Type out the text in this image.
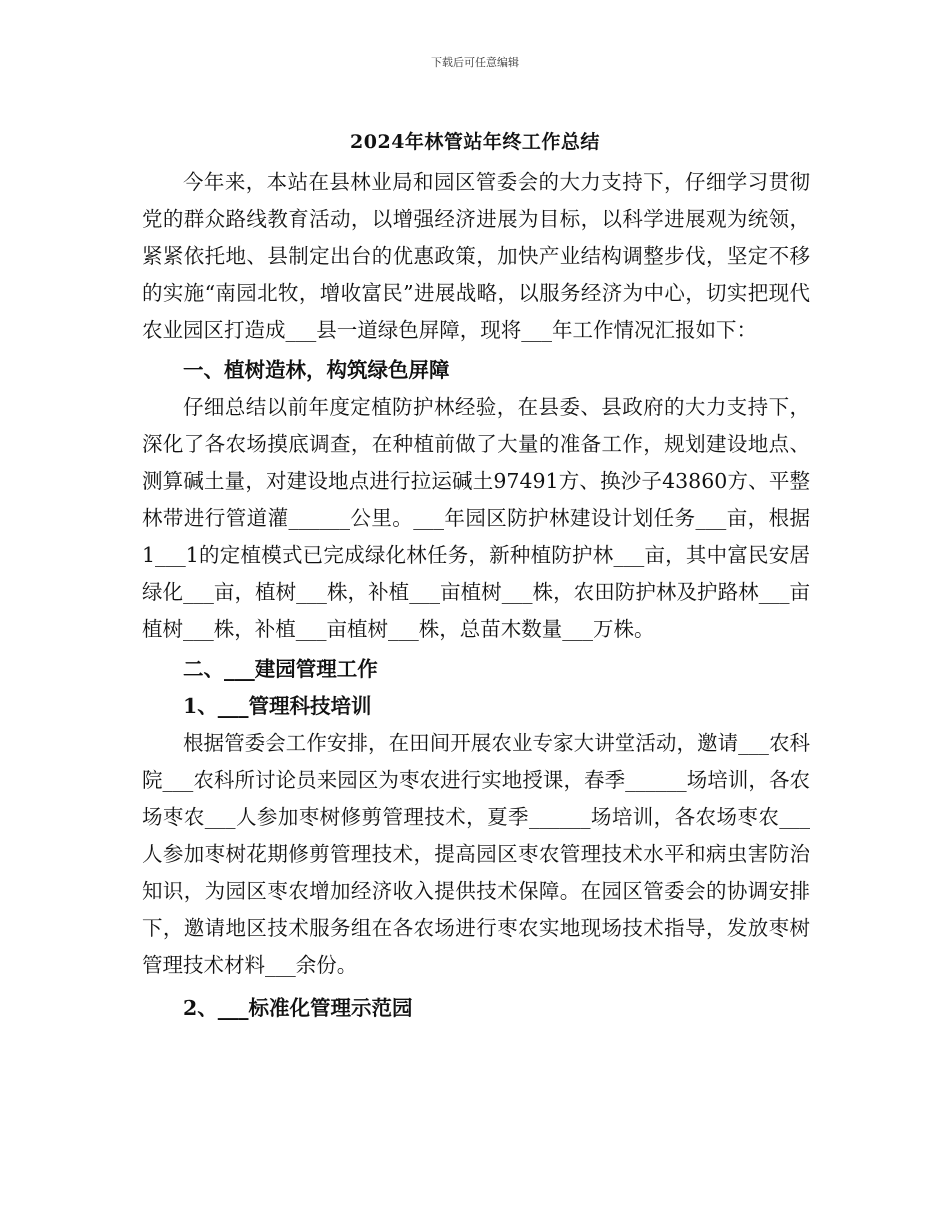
下载后可任意编辑
2024年林管站年终工作总结

今年来，本站在县林业局和园区管委会的大力支持下，仔细学习贯彻党的群众路线教育活动，以增强经济进展为目标，以科学进展观为统领，紧紧依托地、县制定出台的优惠政策，加快产业结构调整步伐，坚定不移的实施“南园北牧，增收富民”进展战略，以服务经济为中心，切实把现代农业园区打造成___县一道绿色屏障，现将___年工作情况汇报如下：

一、植树造林，构筑绿色屏障

仔细总结以前年度定植防护林经验，在县委、县政府的大力支持下，深化了各农场摸底调查，在种植前做了大量的准备工作，规划建设地点、测算碱土量，对建设地点进行拉运碱土97491方、换沙子43860方、平整林带进行管道灌______公里。___年园区防护林建设计划任务___亩，根据1___1的定植模式已完成绿化林任务，新种植防护林___亩，其中富民安居绿化___亩，植树___株，补植___亩植树___株，农田防护林及护路林___亩植树___株，补植___亩植树___株，总苗木数量___万株。

二、___建园管理工作

1、___管理科技培训

根据管委会工作安排，在田间开展农业专家大讲堂活动，邀请___农科院___农科所讨论员来园区为枣农进行实地授课，春季______场培训，各农场枣农___人参加枣树修剪管理技术，夏季______场培训，各农场枣农___人参加枣树花期修剪管理技术，提高园区枣农管理技术水平和病虫害防治知识，为园区枣农增加经济收入提供技术保障。在园区管委会的协调安排下，邀请地区技术服务组在各农场进行枣农实地现场技术指导，发放枣树管理技术材料___余份。

2、___标准化管理示范园
